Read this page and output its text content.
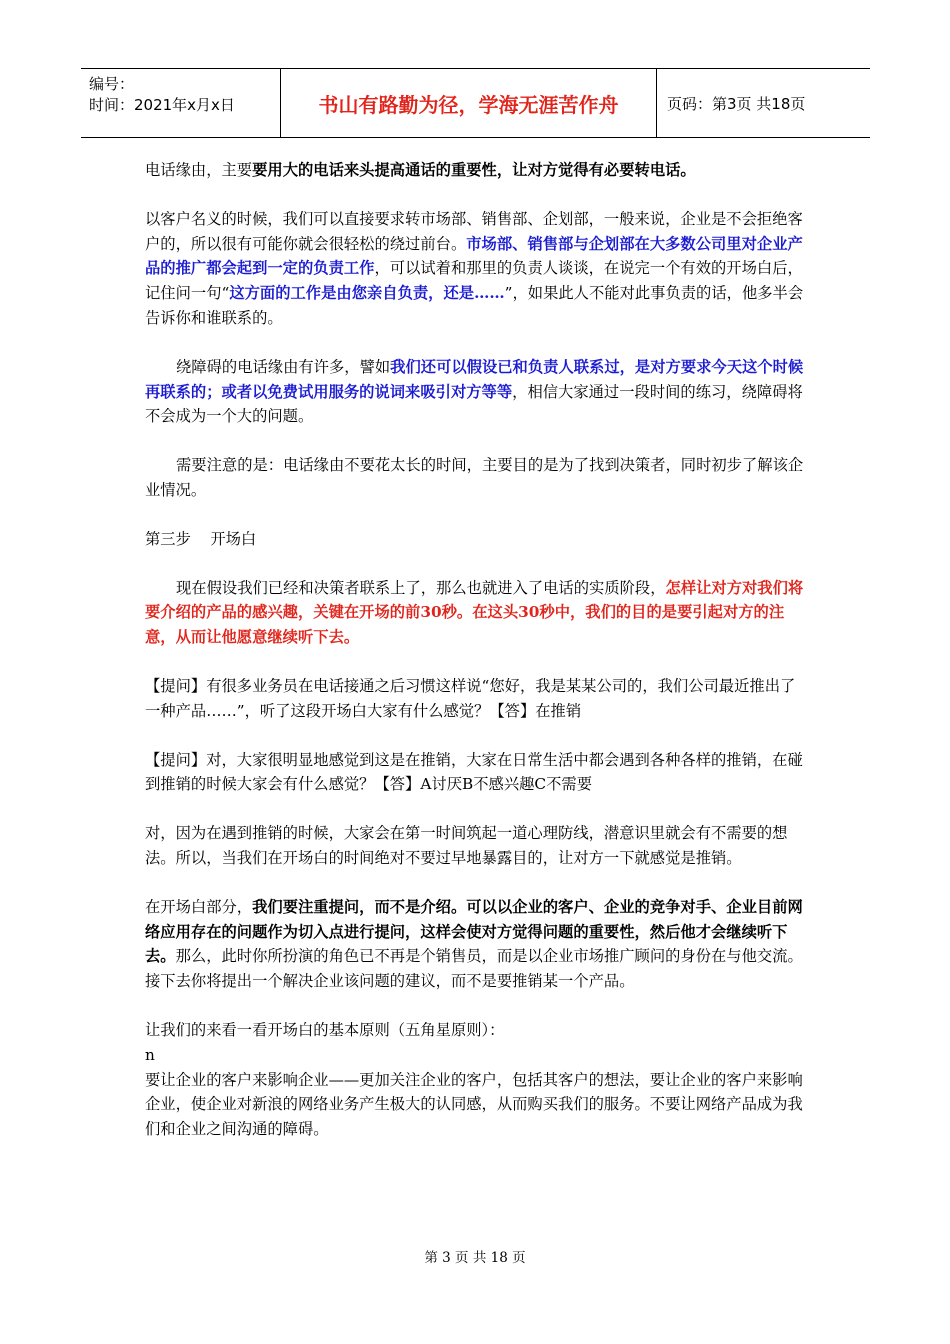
编号：
时间：2021年x月x日	书山有路勤为径，学海无涯苦作舟	页码：第3页 共18页

电话缘由，主要要用大的电话来头提高通话的重要性，让对方觉得有必要转电话。

以客户名义的时候，我们可以直接要求转市场部、销售部、企划部，一般来说，企业是不会拒绝客户的，所以很有可能你就会很轻松的绕过前台。市场部、销售部与企划部在大多数公司里对企业产品的推广都会起到一定的负责工作，可以试着和那里的负责人谈谈，在说完一个有效的开场白后，记住问一句“这方面的工作是由您亲自负责，还是……”，如果此人不能对此事负责的话，他多半会告诉你和谁联系的。

绕障碍的电话缘由有许多，譬如我们还可以假设已和负责人联系过，是对方要求今天这个时候再联系的；或者以免费试用服务的说词来吸引对方等等，相信大家通过一段时间的练习，绕障碍将不会成为一个大的问题。

需要注意的是：电话缘由不要花太长的时间，主要目的是为了找到决策者，同时初步了解该企业情况。

第三步    开场白

现在假设我们已经和决策者联系上了，那么也就进入了电话的实质阶段，怎样让对方对我们将要介绍的产品的感兴趣，关键在开场的前30秒。在这头30秒中，我们的目的是要引起对方的注意，从而让他愿意继续听下去。

【提问】有很多业务员在电话接通之后习惯这样说“您好，我是某某公司的，我们公司最近推出了一种产品……”，听了这段开场白大家有什么感觉？【答】在推销

【提问】对，大家很明显地感觉到这是在推销，大家在日常生活中都会遇到各种各样的推销，在碰到推销的时候大家会有什么感觉？【答】A讨厌B不感兴趣C不需要

对，因为在遇到推销的时候，大家会在第一时间筑起一道心理防线，潜意识里就会有不需要的想法。所以，当我们在开场白的时间绝对不要过早地暴露目的，让对方一下就感觉是推销。

在开场白部分，我们要注重提问，而不是介绍。可以以企业的客户、企业的竞争对手、企业目前网络应用存在的问题作为切入点进行提问，这样会使对方觉得问题的重要性，然后他才会继续听下去。那么，此时你所扮演的角色已不再是个销售员，而是以企业市场推广顾问的身份在与他交流。接下去你将提出一个解决企业该问题的建议，而不是要推销某一个产品。

让我们的来看一看开场白的基本原则（五角星原则）：

n

要让企业的客户来影响企业——更加关注企业的客户，包括其客户的想法，要让企业的客户来影响企业，使企业对新浪的网络业务产生极大的认同感，从而购买我们的服务。不要让网络产品成为我们和企业之间沟通的障碍。

第 3 页 共 18 页
